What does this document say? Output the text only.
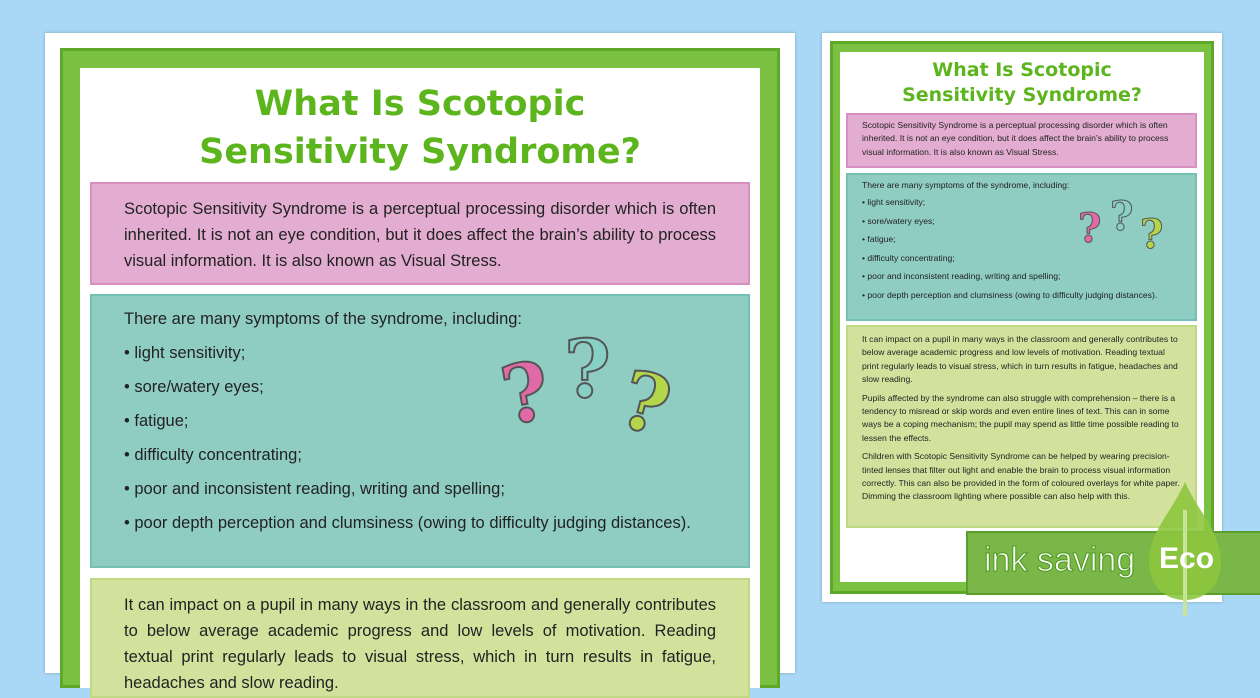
What Is Scotopic
Sensitivity Syndrome?

Scotopic Sensitivity Syndrome is a perceptual processing disorder which is often inherited. It is not an eye condition, but it does affect the brain’s ability to process visual information. It is also known as Visual Stress.

There are many symptoms of the syndrome, including:

• light sensitivity;
• sore/watery eyes;
• fatigue;
• difficulty concentrating;
• poor and inconsistent reading, writing and spelling;
• poor depth perception and clumsiness (owing to difficulty judging distances).
? ? ?

It can impact on a pupil in many ways in the classroom and generally contributes to below average academic progress and low levels of motivation. Reading textual print regularly leads to visual stress, which in turn results in fatigue, headaches and slow reading.

What Is Scotopic
Sensitivity Syndrome?

Scotopic Sensitivity Syndrome is a perceptual processing disorder which is often inherited. It is not an eye condition, but it does affect the brain’s ability to process visual information. It is also known as Visual Stress.

There are many symptoms of the syndrome, including:

• light sensitivity;
• sore/watery eyes;
• fatigue;
• difficulty concentrating;
• poor and inconsistent reading, writing and spelling;
• poor depth perception and clumsiness (owing to difficulty judging distances).
? ? ?

It can impact on a pupil in many ways in the classroom and generally contributes to below average academic progress and low levels of motivation. Reading textual print regularly leads to visual stress, which in turn results in fatigue, headaches and slow reading.

Pupils affected by the syndrome can also struggle with comprehension – there is a tendency to misread or skip words and even entire lines of text. This can in some ways be a coping mechanism; the pupil may spend as little time possible reading to lessen the effects.

Children with Scotopic Sensitivity Syndrome can be helped by wearing precision-tinted lenses that filter out light and enable the brain to process visual information correctly. This can also be provided in the form of coloured overlays for white paper. Dimming the classroom lighting where possible can also help with this.

ink saving Eco
